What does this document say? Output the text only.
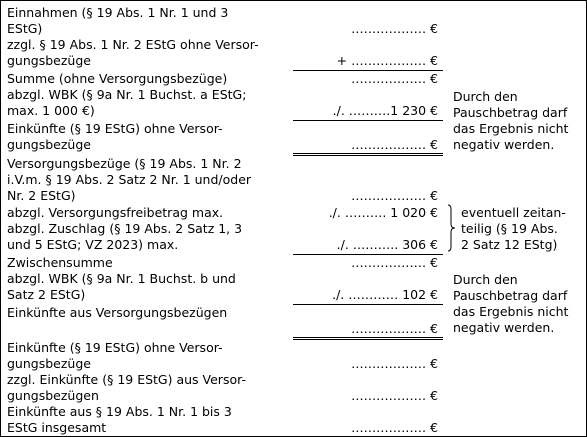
Einnahmen (§ 19 Abs. 1 Nr. 1 und 3
EStG)	……………… €
zzgl. § 19 Abs. 1 Nr. 2 EStG ohne Versor-
gungsbezüge	+ ……………… €
Summe (ohne Versorgungsbezüge)	……………… €
abzgl. WBK (§ 9a Nr. 1 Buchst. a EStG;
max. 1 000 €)	./. ……….1 230 €
Einkünfte (§ 19 EStG) ohne Versor-
gungsbezüge	……………… €
Durch den
Pauschbetrag darf
das Ergebnis nicht
negativ werden.
Versorgungsbezüge (§ 19 Abs. 1 Nr. 2
i.V.m. § 19 Abs. 2 Satz 2 Nr. 1 und/oder
Nr. 2 EStG)	……………… €
abzgl. Versorgungsfreibetrag max.	./. ………. 1 020 €
abzgl. Zuschlag (§ 19 Abs. 2 Satz 1, 3
und 5 EStG; VZ 2023) max.	./. ……….. 306 €
eventuell zeitan-
teilig (§ 19 Abs.
2 Satz 12 EStg)
Zwischensumme	……………… €
abzgl. WBK (§ 9a Nr. 1 Buchst. b und
Satz 2 EStG)	./. ………… 102 €
Einkünfte aus Versorgungsbezügen
……………… €
Durch den
Pauschbetrag darf
das Ergebnis nicht
negativ werden.
Einkünfte (§ 19 EStG) ohne Versor-
gungsbezüge	……………… €
zzgl. Einkünfte (§ 19 EStG) aus Versor-
gungsbezügen	……………… €
Einkünfte aus § 19 Abs. 1 Nr. 1 bis 3
EStG insgesamt	……………… €
